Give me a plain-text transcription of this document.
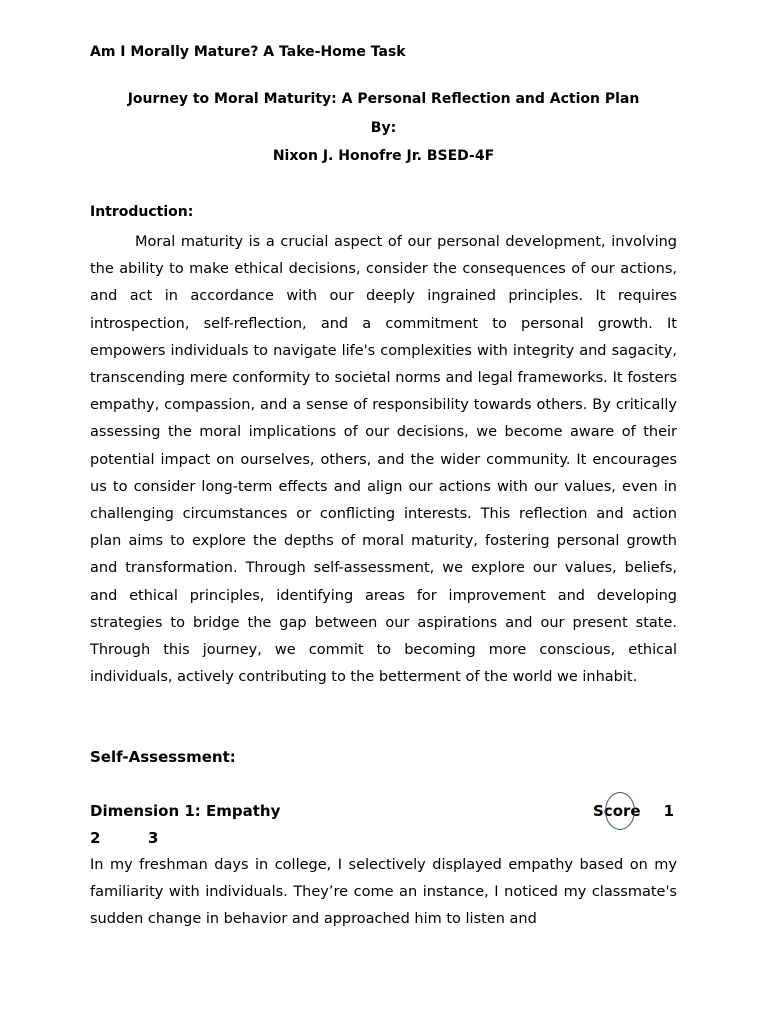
Am I Morally Mature? A Take-Home Task
Journey to Moral Maturity: A Personal Reflection and Action Plan
By:
Nixon J. Honofre Jr. BSED-4F
Introduction:

Moral maturity is a crucial aspect of our personal development, involving the ability to make ethical decisions, consider the consequences of our actions, and act in accordance with our deeply ingrained principles. It requires introspection, self-reflection, and a commitment to personal growth. It empowers individuals to navigate life's complexities with integrity and sagacity, transcending mere conformity to societal norms and legal frameworks. It fosters empathy, compassion, and a sense of responsibility towards others. By critically assessing the moral implications of our decisions, we become aware of their potential impact on ourselves, others, and the wider community. It encourages us to consider long-term effects and align our actions with our values, even in challenging circumstances or conflicting interests. This reflection and action plan aims to explore the depths of moral maturity, fostering personal growth and transformation. Through self-assessment, we explore our values, beliefs, and ethical principles, identifying areas for improvement and developing strategies to bridge the gap between our aspirations and our present state. Through this journey, we commit to becoming more conscious, ethical individuals, actively contributing to the betterment of the world we inhabit.

Self-Assessment:
Dimension 1: Empathy	Score 1
2	3

In my freshman days in college, I selectively displayed empathy based on my familiarity with individuals. They’re come an instance, I noticed my classmate's sudden change in behavior and approached him to listen and
